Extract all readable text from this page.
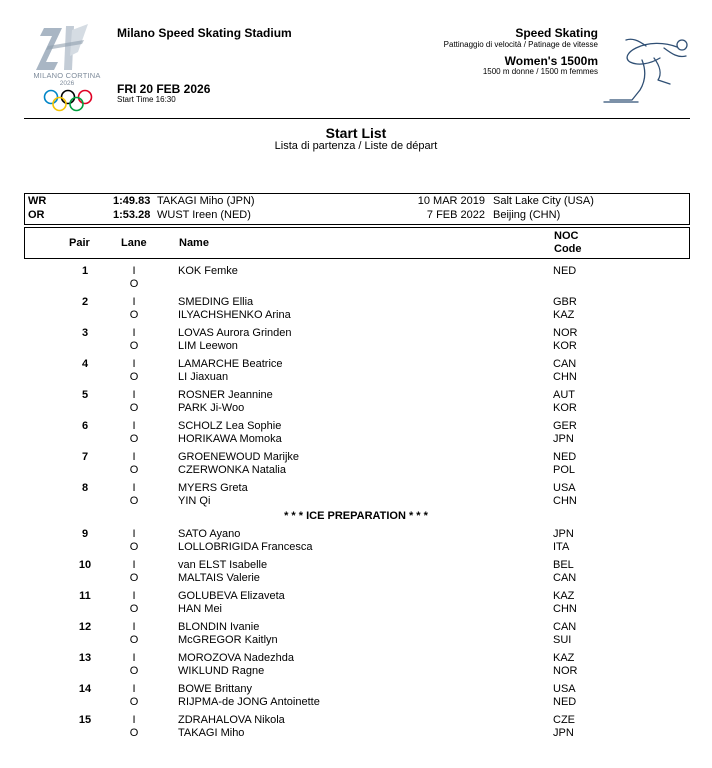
MILANO CORTINA
2026
Milano Speed Skating Stadium
FRI 20 FEB 2026
Start Time 16:30
Speed Skating
Pattinaggio di velocità / Patinage de vitesse
Women's 1500m
1500 m donne / 1500 m femmes
Start List
Lista di partenza / Liste de départ
WR	1:49.83 TAKAGI Miho (JPN)	10 MAR 2019 Salt Lake City (USA)
OR	1:53.28 WUST Ireen (NED)	7 FEB 2022 Beijing (CHN)
Pair	Lane	Name
NOC
Code
1	I	KOK Femke	NED
O
2	I	SMEDING Ellia	GBR
O	ILYACHSHENKO Arina	KAZ
3	I	LOVAS Aurora Grinden	NOR
O	LIM Leewon	KOR
4	I	LAMARCHE Beatrice	CAN
O	LI Jiaxuan	CHN
5	I	ROSNER Jeannine	AUT
O	PARK Ji-Woo	KOR
6	I	SCHOLZ Lea Sophie	GER
O	HORIKAWA Momoka	JPN
7	I	GROENEWOUD Marijke	NED
O	CZERWONKA Natalia	POL
8	I	MYERS Greta	USA
O	YIN Qi	CHN
9	I	SATO Ayano	JPN
O	LOLLOBRIGIDA Francesca	ITA
10	I	van ELST Isabelle	BEL
O	MALTAIS Valerie	CAN
11	I	GOLUBEVA Elizaveta	KAZ
O	HAN Mei	CHN
12	I	BLONDIN Ivanie	CAN
O	McGREGOR Kaitlyn	SUI
13	I	MOROZOVA Nadezhda	KAZ
O	WIKLUND Ragne	NOR
14	I	BOWE Brittany	USA
O	RIJPMA-de JONG Antoinette	NED
15	I	ZDRAHALOVA Nikola	CZE
O	TAKAGI Miho	JPN
* * * ICE PREPARATION * * *
